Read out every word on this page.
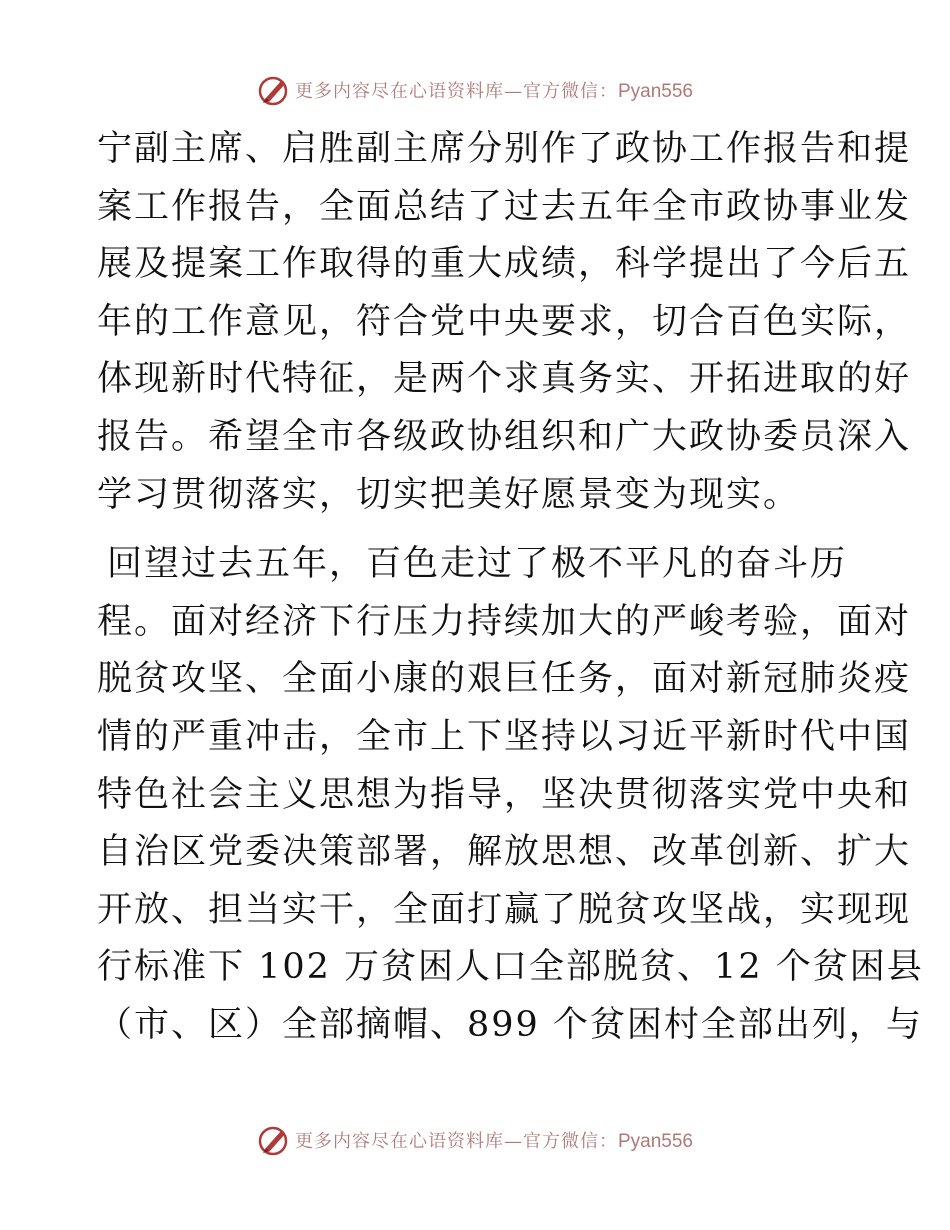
更多内容尽在心语资料库—官方微信：Pyan556
宁副主席、启胜副主席分别作了政协工作报告和提
案工作报告，全面总结了过去五年全市政协事业发
展及提案工作取得的重大成绩，科学提出了今后五
年的工作意见，符合党中央要求，切合百色实际，
体现新时代特征，是两个求真务实、开拓进取的好
报告。希望全市各级政协组织和广大政协委员深入
学习贯彻落实，切实把美好愿景变为现实。
回望过去五年，百色走过了极不平凡的奋斗历
程。面对经济下行压力持续加大的严峻考验，面对
脱贫攻坚、全面小康的艰巨任务，面对新冠肺炎疫
情的严重冲击，全市上下坚持以习近平新时代中国
特色社会主义思想为指导，坚决贯彻落实党中央和
自治区党委决策部署，解放思想、改革创新、扩大
开放、担当实干，全面打赢了脱贫攻坚战，实现现
行标准下 102 万贫困人口全部脱贫、12 个贫困县
（市、区）全部摘帽、899 个贫困村全部出列，与
更多内容尽在心语资料库—官方微信：Pyan556
